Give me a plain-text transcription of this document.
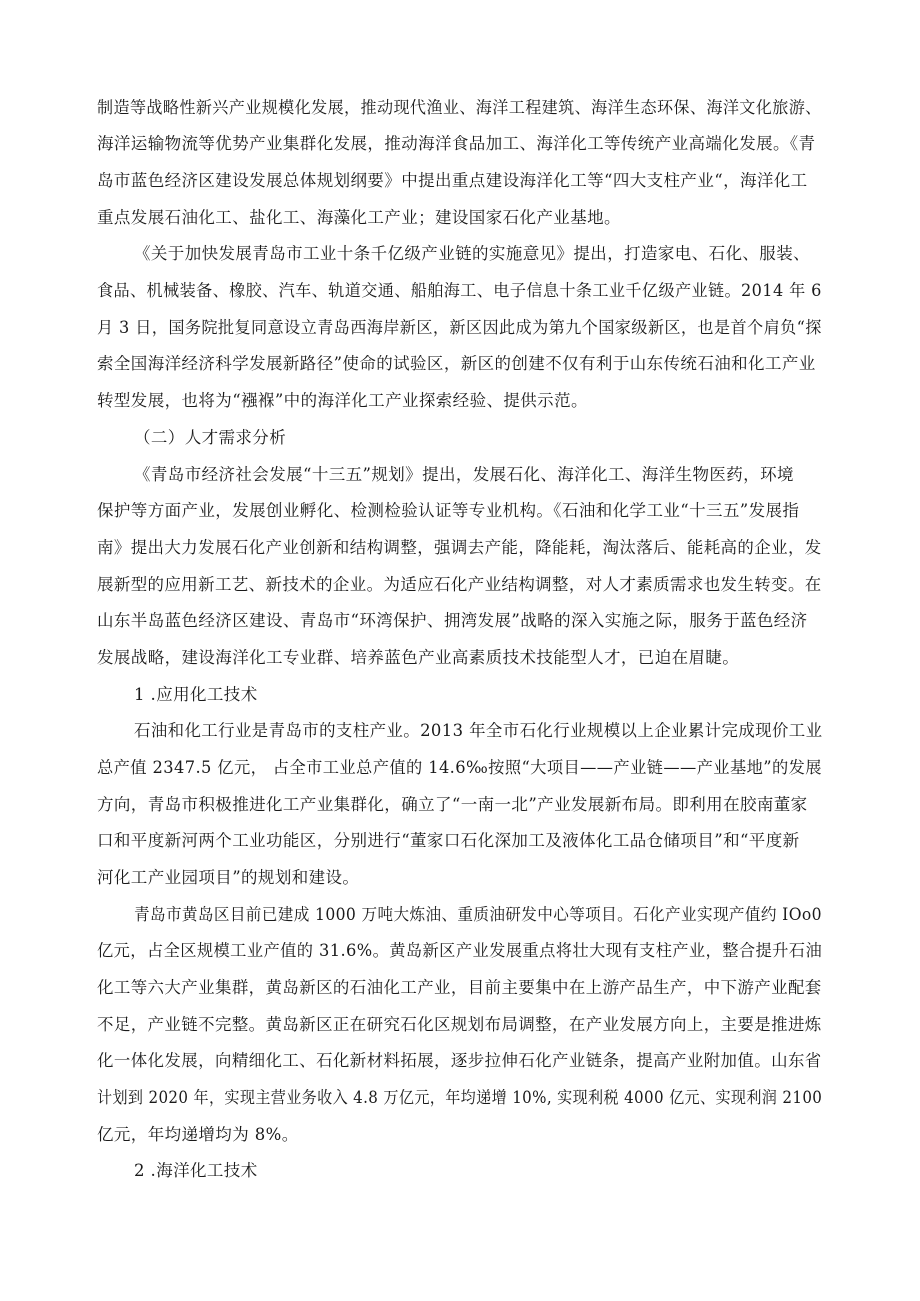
制造等战略性新兴产业规模化发展，推动现代渔业、海洋工程建筑、海洋生态环保、海洋文化旅游、
海洋运输物流等优势产业集群化发展，推动海洋食品加工、海洋化工等传统产业高端化发展。《青
岛市蓝色经济区建设发展总体规划纲要》中提出重点建设海洋化工等“四大支柱产业“，海洋化工
重点发展石油化工、盐化工、海藻化工产业；建设国家石化产业基地。
《关于加快发展青岛市工业十条千亿级产业链的实施意见》提出，打造家电、石化、服装、
食品、机械装备、橡胶、汽车、轨道交通、船舶海工、电子信息十条工业千亿级产业链。2014 年 6
月 3 日，国务院批复同意设立青岛西海岸新区，新区因此成为第九个国家级新区，也是首个肩负“探
索全国海洋经济科学发展新路径”使命的试验区，新区的创建不仅有利于山东传统石油和化工产业
转型发展，也将为“襁褓”中的海洋化工产业探索经验、提供示范。
（二）人才需求分析
《青岛市经济社会发展“十三五”规划》提出，发展石化、海洋化工、海洋生物医药，环境
保护等方面产业，发展创业孵化、检测检验认证等专业机构。《石油和化学工业“十三五”发展指
南》提出大力发展石化产业创新和结构调整，强调去产能，降能耗，淘汰落后、能耗高的企业，发
展新型的应用新工艺、新技术的企业。为适应石化产业结构调整，对人才素质需求也发生转变。在
山东半岛蓝色经济区建设、青岛市“环湾保护、拥湾发展”战略的深入实施之际，服务于蓝色经济
发展战略，建设海洋化工专业群、培养蓝色产业高素质技术技能型人才，已迫在眉睫。
1 .应用化工技术
石油和化工行业是青岛市的支柱产业。2013 年全市石化行业规模以上企业累计完成现价工业
总产值 2347.5 亿元， 占全市工业总产值的 14.6‰按照“大项目——产业链——产业基地”的发展
方向，青岛市积极推进化工产业集群化，确立了“一南一北”产业发展新布局。即利用在胶南董家
口和平度新河两个工业功能区，分别进行“董家口石化深加工及液体化工品仓储项目”和“平度新
河化工产业园项目”的规划和建设。
青岛市黄岛区目前已建成 1000 万吨大炼油、重质油研发中心等项目。石化产业实现产值约 IOo0
亿元，占全区规模工业产值的 31.6%。黄岛新区产业发展重点将壮大现有支柱产业，整合提升石油
化工等六大产业集群，黄岛新区的石油化工产业，目前主要集中在上游产品生产，中下游产业配套
不足，产业链不完整。黄岛新区正在研究石化区规划布局调整，在产业发展方向上，主要是推进炼
化一体化发展，向精细化工、石化新材料拓展，逐步拉伸石化产业链条，提高产业附加值。山东省
计划到 2020 年，实现主营业务收入 4.8 万亿元，年均递增 10%, 实现利税 4000 亿元、实现利润 2100
亿元，年均递增均为 8%。
2 .海洋化工技术
